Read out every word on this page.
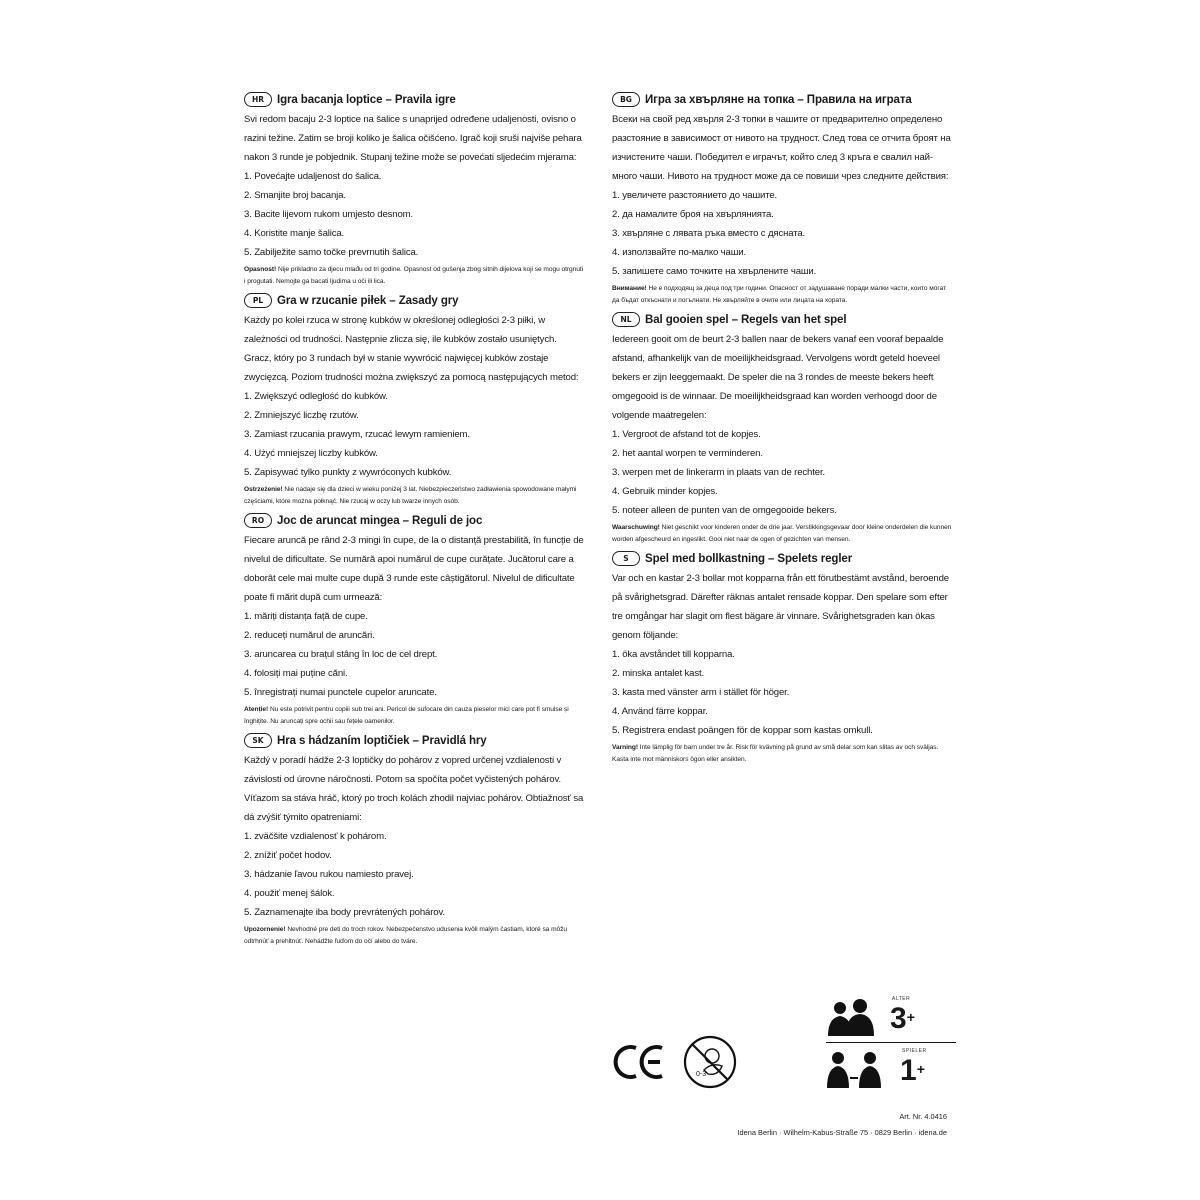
HR	Igra bacanja loptice – Pravila igre

Svi redom bacaju 2-3 loptice na šalice s unaprijed određene udaljenosti, ovisno o razini težine. Zatim se broji koliko je šalica očišćeno. Igrač koji sruši najviše pehara nakon 3 runde je pobjednik. Stupanj težine može se povećati sljedećim mjerama:

1. Povećajte udaljenost do šalica.
2. Smanjite broj bacanja.
3. Bacite lijevom rukom umjesto desnom.
4. Koristite manje šalica.
5. Zabilježite samo točke prevrnutih šalica.

Opasnost! Nije prikladno za djecu mlađu od tri godine. Opasnost od gušenja zbog sitnih dijelova koji se mogu otrgnuti i progutati. Nemojte ga bacati ljudima u oči ili lica.

PL	Gra w rzucanie piłek – Zasady gry

Każdy po kolei rzuca w stronę kubków w określonej odległości 2-3 piłki, w zależności od trudności. Następnie zlicza się, ile kubków zostało usuniętych. Gracz, który po 3 rundach był w stanie wywrócić najwięcej kubków zostaje zwycięzcą. Poziom trudności można zwiększyć za pomocą następujących metod:

1. Zwiększyć odległość do kubków.
2. Zmniejszyć liczbę rzutów.
3. Zamiast rzucania prawym, rzucać lewym ramieniem.
4. Użyć mniejszej liczby kubków.
5. Zapisywać tylko punkty z wywróconych kubków.

Ostrzeżenie! Nie nadaje się dla dzieci w wieku poniżej 3 lat. Niebezpieczeństwo zadławienia spowodowane małymi częściami, które można połknąć. Nie rzucaj w oczy lub twarze innych osób.

RO	Joc de aruncat mingea – Reguli de joc

Fiecare aruncă pe rând 2-3 mingi în cupe, de la o distanță prestabilită, în funcție de nivelul de dificultate. Se numără apoi numărul de cupe curățate. Jucătorul care a doborât cele mai multe cupe după 3 runde este câștigătorul. Nivelul de dificultate poate fi mărit după cum urmează:

1. măriți distanța față de cupe.
2. reduceți numărul de aruncări.
3. aruncarea cu brațul stâng în loc de cel drept.
4. folosiți mai puține căni.
5. înregistrați numai punctele cupelor aruncate.

Atenție! Nu este potrivit pentru copiii sub trei ani. Pericol de sufocare din cauza pieselor mici care pot fi smulse și înghițite. Nu aruncați spre ochii sau fețele oamenilor.

SK	Hra s hádzaním loptičiek – Pravidlá hry

Každý v poradí hádže 2-3 loptičky do pohárov z vopred určenej vzdialenosti v závislosti od úrovne náročnosti. Potom sa spočíta počet vyčistených pohárov. Víťazom sa stáva hráč, ktorý po troch kolách zhodil najviac pohárov. Obtiažnosť sa dá zvýšiť týmito opatreniami:

1. zväčšite vzdialenosť k pohárom.
2. znížiť počet hodov.
3. hádzanie ľavou rukou namiesto pravej.
4. použiť menej šálok.
5. Zaznamenajte iba body prevrátených pohárov.

Upozornenie! Nevhodné pre deti do troch rokov. Nebezpečenstvo udusenia kvôli malým častiam, ktoré sa môžu odtrhnúť a prehltnúť. Nehádžte ľuďom do očí alebo do tváre.

BG	Игра за хвърляне на топка – Правила на играта

Всеки на свой ред хвърля 2-3 топки в чашите от предварително определено разстояние в зависимост от нивото на трудност. След това се отчита броят на изчистените чаши. Победител е играчът, който след 3 кръга е свалил най-много чаши. Нивото на трудност може да се повиши чрез следните действия:

1. увеличете разстоянието до чашите.
2. да намалите броя на хвърлянията.
3. хвърляне с лявата ръка вместо с дясната.
4. използвайте по-малко чаши.
5. запишете само точките на хвърлените чаши.

Внимание! Не е подходящ за деца под три години. Опасност от задушаване поради малки части, които могат да бъдат откъснати и погълнати. Не хвърляйте в очите или лицата на хората.

NL	Bal gooien spel – Regels van het spel

Iedereen gooit om de beurt 2-3 ballen naar de bekers vanaf een vooraf bepaalde afstand, afhankelijk van de moeilijkheidsgraad. Vervolgens wordt geteld hoeveel bekers er zijn leeggemaakt. De speler die na 3 rondes de meeste bekers heeft omgegooid is de winnaar. De moeilijkheidsgraad kan worden verhoogd door de volgende maatregelen:

1. Vergroot de afstand tot de kopjes.
2. het aantal worpen te verminderen.
3. werpen met de linkerarm in plaats van de rechter.
4. Gebruik minder kopjes.
5. noteer alleen de punten van de omgegooide bekers.

Waarschuwing! Niet geschikt voor kinderen onder de drie jaar. Verstikkingsgevaar door kleine onderdelen die kunnen worden afgescheurd en ingeslikt. Gooi niet naar de ogen of gezichten van mensen.

S	Spel med bollkastning – Spelets regler

Var och en kastar 2-3 bollar mot kopparna från ett förutbestämt avstånd, beroende på svårighetsgrad. Därefter räknas antalet rensade koppar. Den spelare som efter tre omgångar har slagit om flest bägare är vinnare. Svårighetsgraden kan ökas genom följande:

1. öka avståndet till kopparna.
2. minska antalet kast.
3. kasta med vänster arm i stället för höger.
4. Använd färre koppar.
5. Registrera endast poängen för de koppar som kastas omkull.

Varning! Inte lämplig för barn under tre år. Risk för kvävning på grund av små delar som kan slitas av och sväljas. Kasta inte mot människors ögon eller ansikten.

0-3
ALTER
3+
SPIELER
1+
Art. Nr. 4.0416
Idena Berlin · Wilhelm-Kabus-Straße 75 · 0829 Berlin · idena.de
